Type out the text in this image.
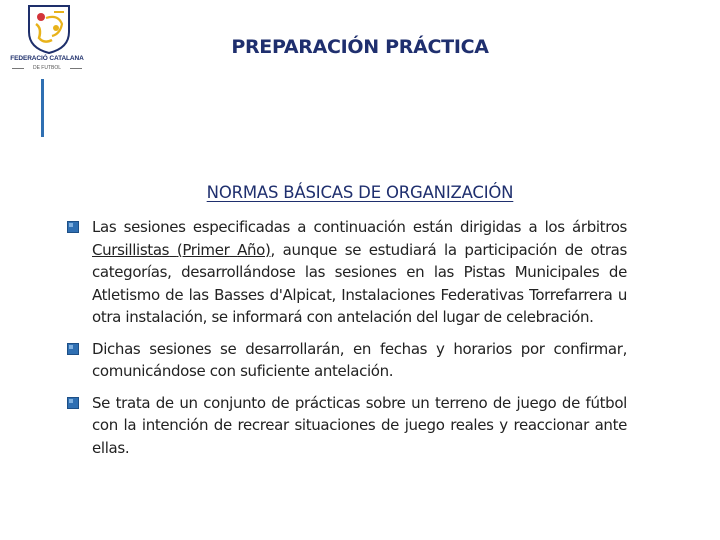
FEDERACIÓ CATALANA
DE FUTBOL
PREPARACIÓN PRÁCTICA
NORMAS BÁSICAS DE ORGANIZACIÓN
Las sesiones especificadas a continuación están dirigidas a los árbitros Cursillistas (Primer Año), aunque se estudiará la participación de otras categorías, desarrollándose las sesiones en las Pistas Municipales de Atletismo de las Basses d'Alpicat, Instalaciones Federativas Torrefarrera u otra instalación, se informará con antelación del lugar de celebración.
Dichas sesiones se desarrollarán, en fechas y horarios por confirmar, comunicándose con suficiente antelación.
Se trata de un conjunto de prácticas sobre un terreno de juego de fútbol con la intención de recrear situaciones de juego reales y reaccionar ante ellas.
